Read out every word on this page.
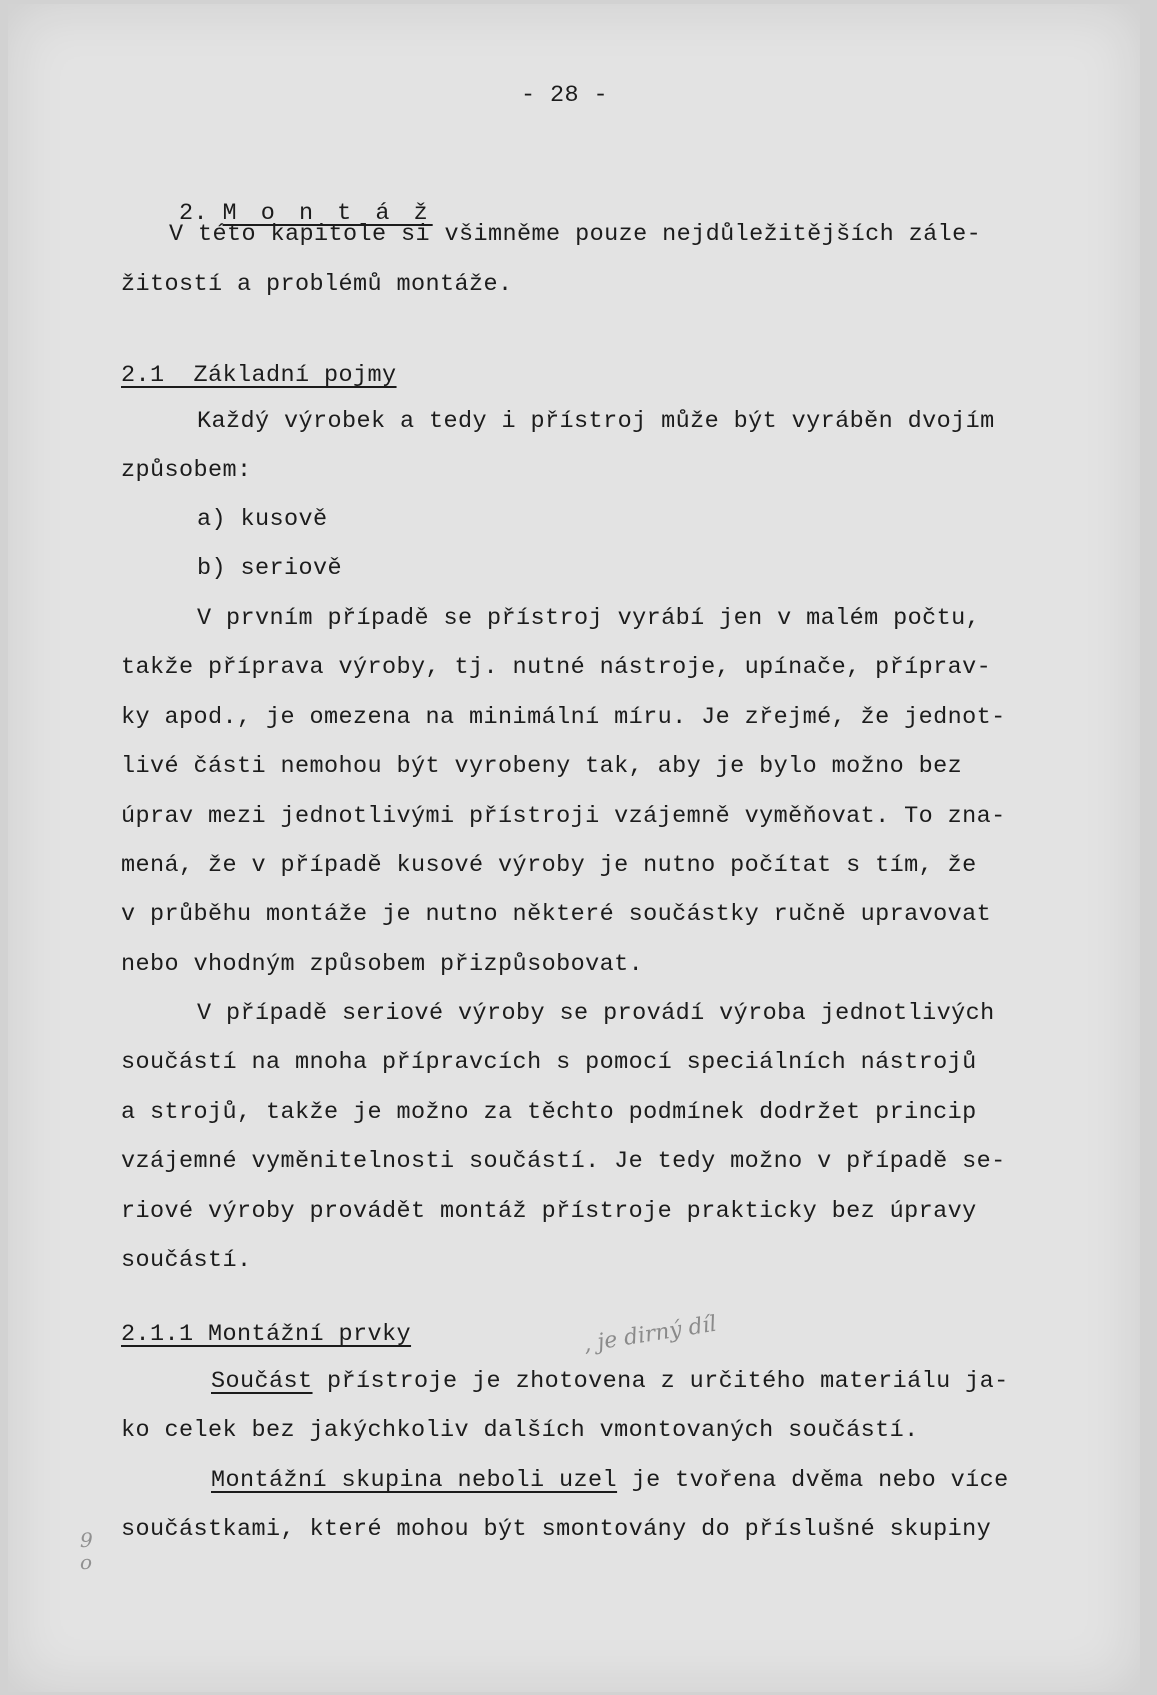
- 28 -

2. M o n t á ž

V této kapitole si všimněme pouze nejdůležitějších zále-
žitostí a problémů montáže.
2.1  Základní pojmy
Každý výrobek a tedy i přístroj může být vyráběn dvojím
způsobem:
a) kusově
b) seriově
V prvním případě se přístroj vyrábí jen v malém počtu,
takže příprava výroby, tj. nutné nástroje, upínače, příprav-
ky apod., je omezena na minimální míru. Je zřejmé, že jednot-
livé části nemohou být vyrobeny tak, aby je bylo možno bez
úprav mezi jednotlivými přístroji vzájemně vyměňovat. To zna-
mená, že v případě kusové výroby je nutno počítat s tím, že
v průběhu montáže je nutno některé součástky ručně upravovat
nebo vhodným způsobem přizpůsobovat.
V případě seriové výroby se provádí výroba jednotlivých
součástí na mnoha přípravcích s pomocí speciálních nástrojů
a strojů, takže je možno za těchto podmínek dodržet princip
vzájemné vyměnitelnosti součástí. Je tedy možno v případě se-
riové výroby provádět montáž přístroje prakticky bez úpravy
součástí.
2.1.1 Montážní prvky	, je dirný díl
Součást přístroje je zhotovena z určitého materiálu ja-
ko celek bez jakýchkoliv dalších vmontovaných součástí.
Montážní skupina neboli uzel je tvořena dvěma nebo více
součástkami, které mohou být smontovány do příslušné skupiny
9
o
